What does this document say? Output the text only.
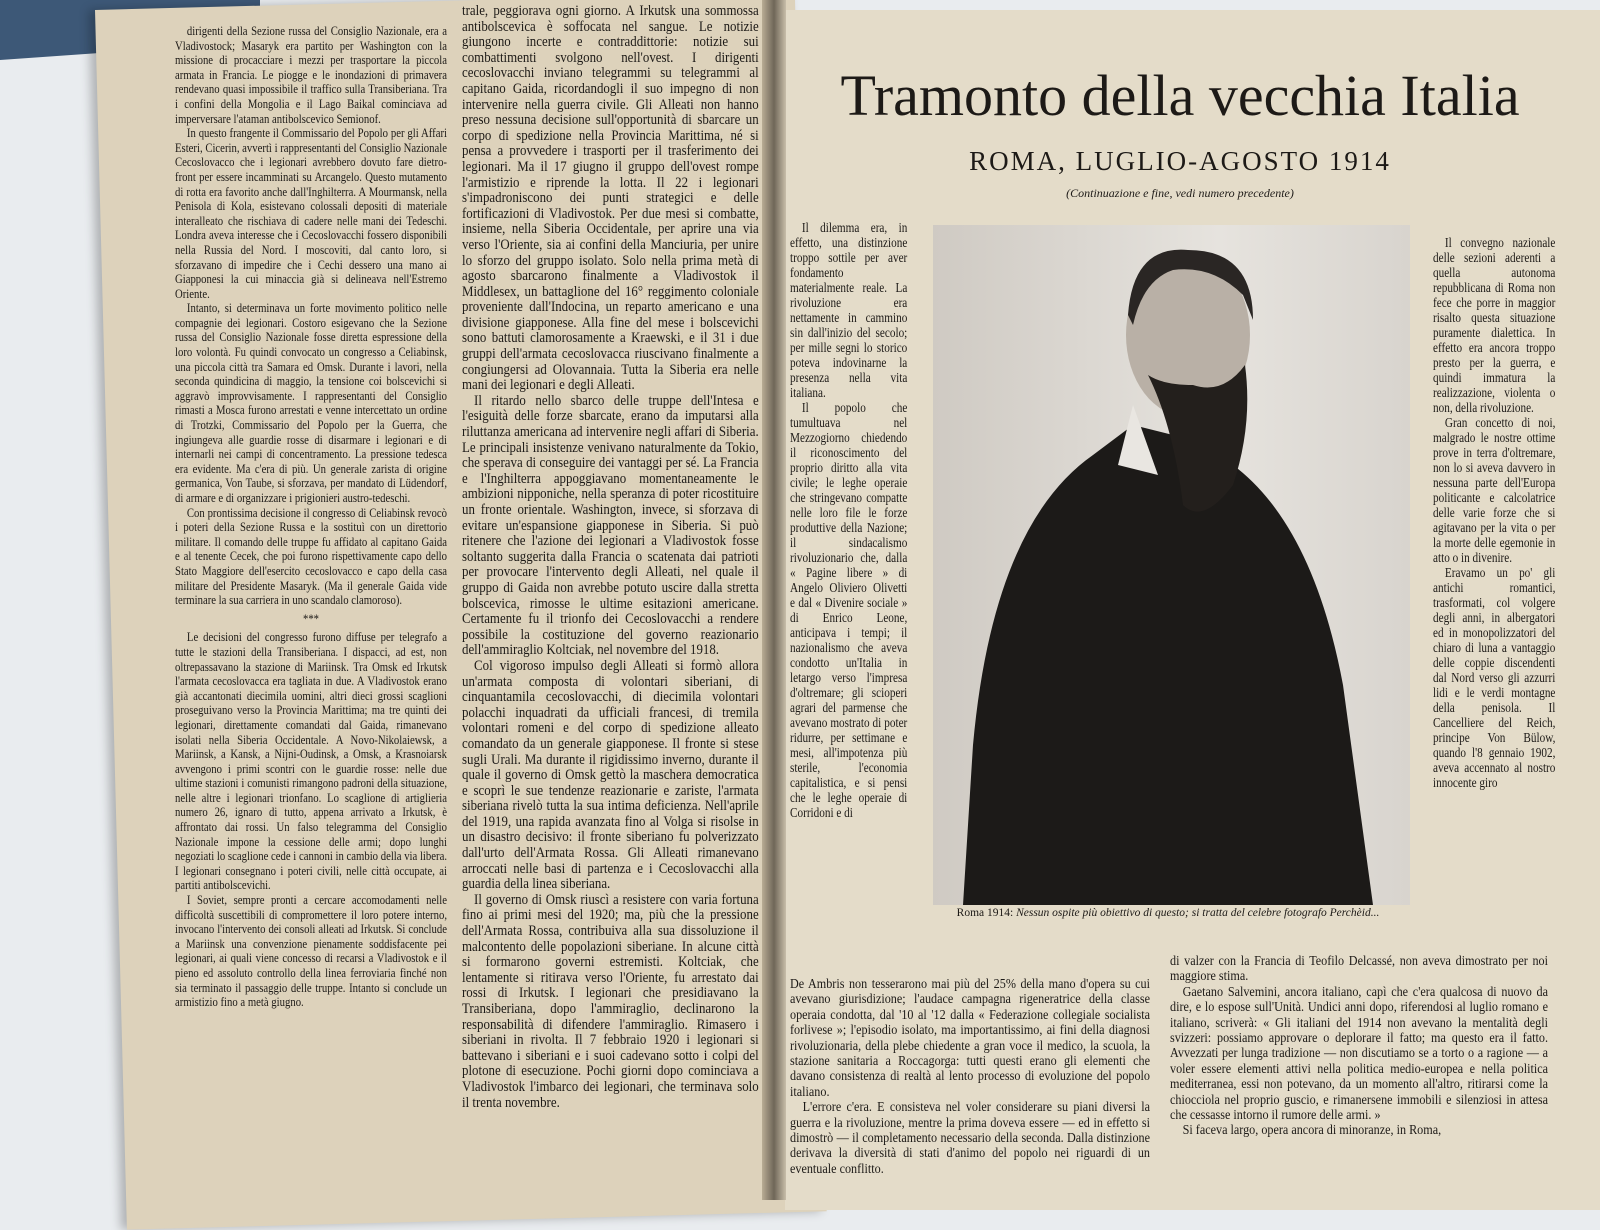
dirigenti della Sezione russa del Consiglio Nazionale, era a Vladivostock; Masaryk era partito per Washington con la missione di procacciare i mezzi per trasportare la piccola armata in Francia. Le piogge e le inondazioni di primavera rendevano quasi impossibile il traffico sulla Transiberiana. Tra i confini della Mongolia e il Lago Baikal cominciava ad imperversare l'ataman antibolscevico Semionof.

In questo frangente il Commissario del Popolo per gli Affari Esteri, Cicerin, avvertì i rappresentanti del Consiglio Nazionale Cecoslovacco che i legionari avrebbero dovuto fare dietro-front per essere incamminati su Arcangelo. Questo mutamento di rotta era favorito anche dall'Inghilterra. A Mourmansk, nella Penisola di Kola, esistevano colossali depositi di materiale interalleato che rischiava di cadere nelle mani dei Tedeschi. Londra aveva interesse che i Cecoslovacchi fossero disponibili nella Russia del Nord. I moscoviti, dal canto loro, si sforzavano di impedire che i Cechi dessero una mano ai Giapponesi la cui minaccia già si delineava nell'Estremo Oriente.

Intanto, si determinava un forte movimento politico nelle compagnie dei legionari. Costoro esigevano che la Sezione russa del Consiglio Nazionale fosse diretta espressione della loro volontà. Fu quindi convocato un congresso a Celiabinsk, una piccola città tra Samara ed Omsk. Durante i lavori, nella seconda quindicina di maggio, la tensione coi bolscevichi si aggravò improvvisamente. I rappresentanti del Consiglio rimasti a Mosca furono arrestati e venne intercettato un ordine di Trotzki, Commissario del Popolo per la Guerra, che ingiungeva alle guardie rosse di disarmare i legionari e di internarli nei campi di concentramento. La pressione tedesca era evidente. Ma c'era di più. Un generale zarista di origine germanica, Von Taube, si sforzava, per mandato di Lüdendorf, di armare e di organizzare i prigionieri austro-tedeschi.

Con prontissima decisione il congresso di Celiabinsk revocò i poteri della Sezione Russa e la sostituì con un direttorio militare. Il comando delle truppe fu affidato al capitano Gaida e al tenente Cecek, che poi furono rispettivamente capo dello Stato Maggiore dell'esercito cecoslovacco e capo della casa militare del Presidente Masaryk. (Ma il generale Gaida vide terminare la sua carriera in uno scandalo clamoroso).

***

Le decisioni del congresso furono diffuse per telegrafo a tutte le stazioni della Transiberiana. I dispacci, ad est, non oltrepassavano la stazione di Mariinsk. Tra Omsk ed Irkutsk l'armata cecoslovacca era tagliata in due. A Vladivostok erano già accantonati diecimila uomini, altri dieci grossi scaglioni proseguivano verso la Provincia Marittima; ma tre quinti dei legionari, direttamente comandati dal Gaida, rimanevano isolati nella Siberia Occidentale. A Novo-Nikolaiewsk, a Mariinsk, a Kansk, a Nijni-Oudinsk, a Omsk, a Krasnoiarsk avvengono i primi scontri con le guardie rosse: nelle due ultime stazioni i comunisti rimangono padroni della situazione, nelle altre i legionari trionfano. Lo scaglione di artiglieria numero 26, ignaro di tutto, appena arrivato a Irkutsk, è affrontato dai rossi. Un falso telegramma del Consiglio Nazionale impone la cessione delle armi; dopo lunghi negoziati lo scaglione cede i cannoni in cambio della via libera. I legionari consegnano i poteri civili, nelle città occupate, ai partiti antibolscevichi.

I Soviet, sempre pronti a cercare accomodamenti nelle difficoltà suscettibili di compromettere il loro potere interno, invocano l'intervento dei consoli alleati ad Irkutsk. Si conclude a Mariinsk una convenzione pienamente soddisfacente pei legionari, ai quali viene concesso di recarsi a Vladivostok e il pieno ed assoluto controllo della linea ferroviaria finché non sia terminato il passaggio delle truppe. Intanto si conclude un armistizio fino a metà giugno.

trale, peggiorava ogni giorno. A Irkutsk una sommossa antibolscevica è soffocata nel sangue. Le notizie giungono incerte e contraddittorie: notizie sui combattimenti svolgono nell'ovest. I dirigenti cecoslovacchi inviano telegrammi su telegrammi al capitano Gaida, ricordandogli il suo impegno di non intervenire nella guerra civile. Gli Alleati non hanno preso nessuna decisione sull'opportunità di sbarcare un corpo di spedizione nella Provincia Marittima, né si pensa a provvedere i trasporti per il trasferimento dei legionari. Ma il 17 giugno il gruppo dell'ovest rompe l'armistizio e riprende la lotta. Il 22 i legionari s'impadroniscono dei punti strategici e delle fortificazioni di Vladivostok. Per due mesi si combatte, insieme, nella Siberia Occidentale, per aprire una via verso l'Oriente, sia ai confini della Manciuria, per unire lo sforzo del gruppo isolato. Solo nella prima metà di agosto sbarcarono finalmente a Vladivostok il Middlesex, un battaglione del 16° reggimento coloniale proveniente dall'Indocina, un reparto americano e una divisione giapponese. Alla fine del mese i bolscevichi sono battuti clamorosamente a Kraewski, e il 31 i due gruppi dell'armata cecoslovacca riuscivano finalmente a congiungersi ad Olovannaia. Tutta la Siberia era nelle mani dei legionari e degli Alleati.

Il ritardo nello sbarco delle truppe dell'Intesa e l'esiguità delle forze sbarcate, erano da imputarsi alla riluttanza americana ad intervenire negli affari di Siberia. Le principali insistenze venivano naturalmente da Tokio, che sperava di conseguire dei vantaggi per sé. La Francia e l'Inghilterra appoggiavano momentaneamente le ambizioni nipponiche, nella speranza di poter ricostituire un fronte orientale. Washington, invece, si sforzava di evitare un'espansione giapponese in Siberia. Si può ritenere che l'azione dei legionari a Vladivostok fosse soltanto suggerita dalla Francia o scatenata dai patrioti per provocare l'intervento degli Alleati, nel quale il gruppo di Gaida non avrebbe potuto uscire dalla stretta bolscevica, rimosse le ultime esitazioni americane. Certamente fu il trionfo dei Cecoslovacchi a rendere possibile la costituzione del governo reazionario dell'ammiraglio Koltciak, nel novembre del 1918.

Col vigoroso impulso degli Alleati si formò allora un'armata composta di volontari siberiani, di cinquantamila cecoslovacchi, di diecimila volontari polacchi inquadrati da ufficiali francesi, di tremila volontari romeni e del corpo di spedizione alleato comandato da un generale giapponese. Il fronte si stese sugli Urali. Ma durante il rigidissimo inverno, durante il quale il governo di Omsk gettò la maschera democratica e scoprì le sue tendenze reazionarie e zariste, l'armata siberiana rivelò tutta la sua intima deficienza. Nell'aprile del 1919, una rapida avanzata fino al Volga si risolse in un disastro decisivo: il fronte siberiano fu polverizzato dall'urto dell'Armata Rossa. Gli Alleati rimanevano arroccati nelle basi di partenza e i Cecoslovacchi alla guardia della linea siberiana.

Il governo di Omsk riuscì a resistere con varia fortuna fino ai primi mesi del 1920; ma, più che la pressione dell'Armata Rossa, contribuiva alla sua dissoluzione il malcontento delle popolazioni siberiane. In alcune città si formarono governi estremisti. Koltciak, che lentamente si ritirava verso l'Oriente, fu arrestato dai rossi di Irkutsk. I legionari che presidiavano la Transiberiana, dopo l'ammiraglio, declinarono la responsabilità di difendere l'ammiraglio. Rimasero i siberiani in rivolta. Il 7 febbraio 1920 i legionari si battevano i siberiani e i suoi cadevano sotto i colpi del plotone di esecuzione. Pochi giorni dopo cominciava a Vladivostok l'imbarco dei legionari, che terminava solo il trenta novembre.

Tramonto della vecchia Italia
ROMA, LUGLIO-AGOSTO 1914
(Continuazione e fine, vedi numero precedente)
Roma 1914: Nessun ospite più obiettivo di questo; si tratta del celebre fotografo Perchèid...

Il dilemma era, in effetto, una distinzione troppo sottile per aver fondamento materialmente reale. La rivoluzione era nettamente in cammino sin dall'inizio del secolo; per mille segni lo storico poteva indovinarne la presenza nella vita italiana.

Il popolo che tumultuava nel Mezzogiorno chiedendo il riconoscimento del proprio diritto alla vita civile; le leghe operaie che stringevano compatte nelle loro file le forze produttive della Nazione; il sindacalismo rivoluzionario che, dalla « Pagine libere » di Angelo Oliviero Olivetti e dal « Divenire sociale » di Enrico Leone, anticipava i tempi; il nazionalismo che aveva condotto un'Italia in letargo verso l'impresa d'oltremare; gli scioperi agrari del parmense che avevano mostrato di poter ridurre, per settimane e mesi, all'impotenza più sterile, l'economia capitalistica, e si pensi che le leghe operaie di Corridoni e di

Il convegno nazionale delle sezioni aderenti a quella autonoma repubblicana di Roma non fece che porre in maggior risalto questa situazione puramente dialettica. In effetto era ancora troppo presto per la guerra, e quindi immatura la realizzazione, violenta o non, della rivoluzione.

Gran concetto di noi, malgrado le nostre ottime prove in terra d'oltremare, non lo si aveva davvero in nessuna parte dell'Europa politicante e calcolatrice delle varie forze che si agitavano per la vita o per la morte delle egemonie in atto o in divenire.

Eravamo un po' gli antichi romantici, trasformati, col volgere degli anni, in albergatori ed in monopolizzatori del chiaro di luna a vantaggio delle coppie discendenti dal Nord verso gli azzurri lidi e le verdi montagne della penisola. Il Cancelliere del Reich, principe Von Bülow, quando l'8 gennaio 1902, aveva accennato al nostro innocente giro

De Ambris non tesserarono mai più del 25% della mano d'opera su cui avevano giurisdizione; l'audace campagna rigeneratrice della classe operaia condotta, dal '10 al '12 dalla « Federazione collegiale socialista forlivese »; l'episodio isolato, ma importantissimo, ai fini della diagnosi rivoluzionaria, della plebe chiedente a gran voce il medico, la scuola, la stazione sanitaria a Roccagorga: tutti questi erano gli elementi che davano consistenza di realtà al lento processo di evoluzione del popolo italiano.

L'errore c'era. E consisteva nel voler considerare su piani diversi la guerra e la rivoluzione, mentre la prima doveva essere — ed in effetto si dimostrò — il completamento necessario della seconda. Dalla distinzione derivava la diversità di stati d'animo del popolo nei riguardi di un eventuale conflitto.

di valzer con la Francia di Teofilo Delcassé, non aveva dimostrato per noi maggiore stima.

Gaetano Salvemini, ancora italiano, capì che c'era qualcosa di nuovo da dire, e lo espose sull'Unità. Undici anni dopo, riferendosi al luglio romano e italiano, scriverà: « Gli italiani del 1914 non avevano la mentalità degli svizzeri: possiamo approvare o deplorare il fatto; ma questo era il fatto. Avvezzati per lunga tradizione — non discutiamo se a torto o a ragione — a voler essere elementi attivi nella politica medio-europea e nella politica mediterranea, essi non potevano, da un momento all'altro, ritirarsi come la chiocciola nel proprio guscio, e rimanersene immobili e silenziosi in attesa che cessasse intorno il rumore delle armi. »

Si faceva largo, opera ancora di minoranze, in Roma,
